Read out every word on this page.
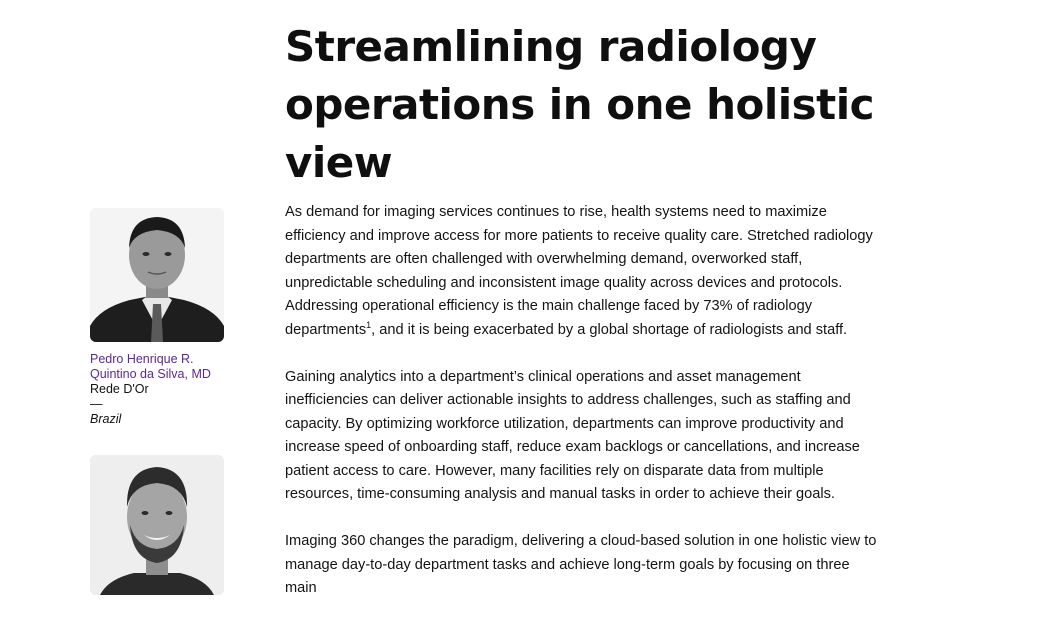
Streamlining radiology operations in one holistic view
Pedro Henrique R. Quintino da Silva, MD
Rede D'Or
—
Brazil

As demand for imaging services continues to rise, health systems need to maximize efficiency and improve access for more patients to receive quality care. Stretched radiology departments are often challenged with overwhelming demand, overworked staff, unpredictable scheduling and inconsistent image quality across devices and protocols. Addressing operational efficiency is the main challenge faced by 73% of radiology departments$^1$, and it is being exacerbated by a global shortage of radiologists and staff.

Gaining analytics into a department’s clinical operations and asset management inefficiencies can deliver actionable insights to address challenges, such as staffing and capacity. By optimizing workforce utilization, departments can improve productivity and increase speed of onboarding staff, reduce exam backlogs or cancellations, and increase patient access to care. However, many facilities rely on disparate data from multiple resources, time-consuming analysis and manual tasks in order to achieve their goals.

Imaging 360 changes the paradigm, delivering a cloud-based solution in one holistic view to manage day-to-day department tasks and achieve long-term goals by focusing on three main
